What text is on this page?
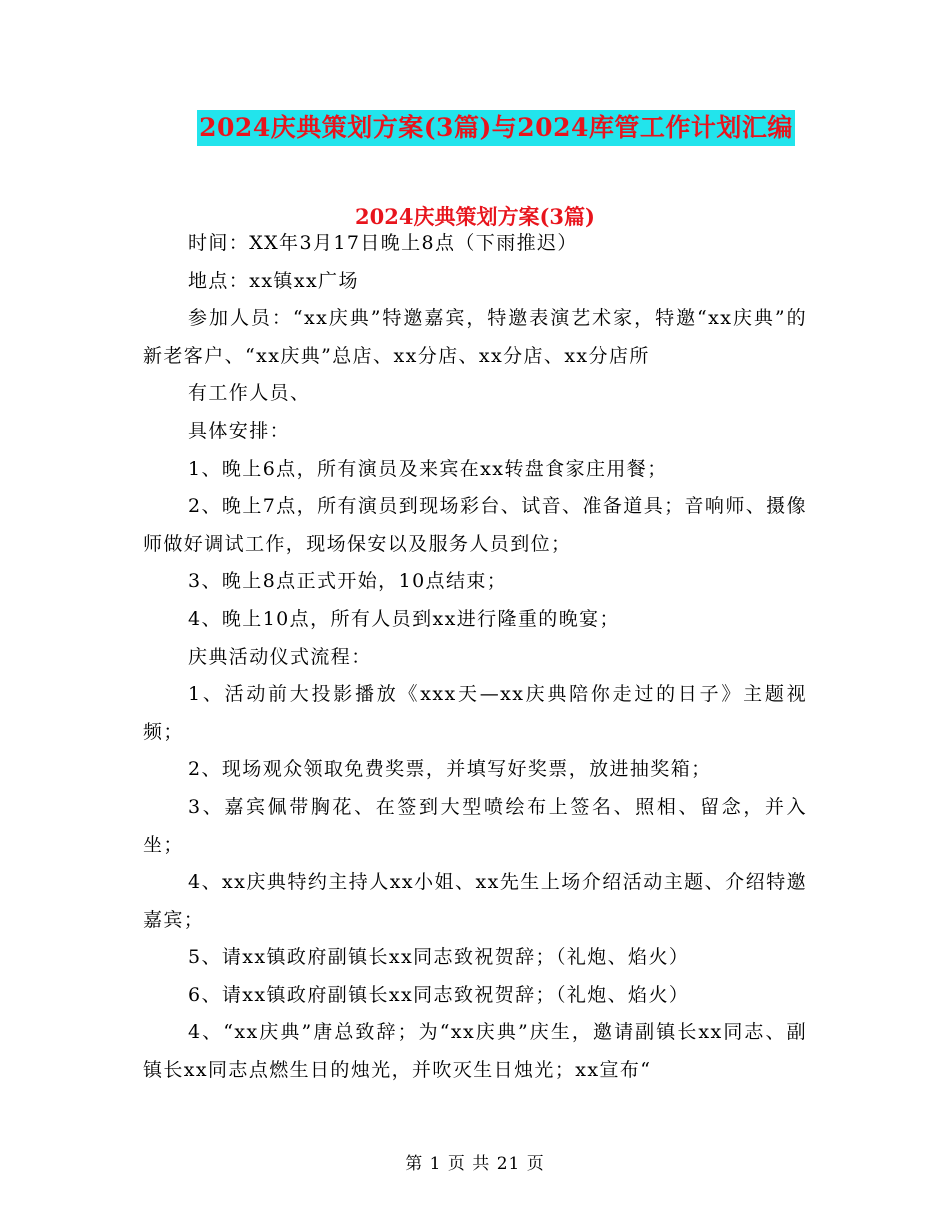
2024庆典策划方案(3篇)与2024库管工作计划汇编
2024庆典策划方案(3篇)

时间：XX年3月17日晚上8点（下雨推迟）

地点：xx镇xx广场

参加人员：“xx庆典”特邀嘉宾，特邀表演艺术家，特邀“xx庆典”的新老客户、“xx庆典”总店、xx分店、xx分店、xx分店所

有工作人员、

具体安排：

1、晚上6点，所有演员及来宾在xx转盘食家庄用餐；

2、晚上7点，所有演员到现场彩台、试音、准备道具；音响师、摄像师做好调试工作，现场保安以及服务人员到位；

3、晚上8点正式开始，10点结束；

4、晚上10点，所有人员到xx进行隆重的晚宴；

庆典活动仪式流程：

1、活动前大投影播放《xxx天—xx庆典陪你走过的日子》主题视频；

2、现场观众领取免费奖票，并填写好奖票，放进抽奖箱；

3、嘉宾佩带胸花、在签到大型喷绘布上签名、照相、留念，并入坐；

4、xx庆典特约主持人xx小姐、xx先生上场介绍活动主题、介绍特邀嘉宾；

5、请xx镇政府副镇长xx同志致祝贺辞；（礼炮、焰火）

6、请xx镇政府副镇长xx同志致祝贺辞；（礼炮、焰火）

4、“xx庆典”唐总致辞；为“xx庆典”庆生，邀请副镇长xx同志、副镇长xx同志点燃生日的烛光，并吹灭生日烛光；xx宣布“

第 1 页 共 21 页
